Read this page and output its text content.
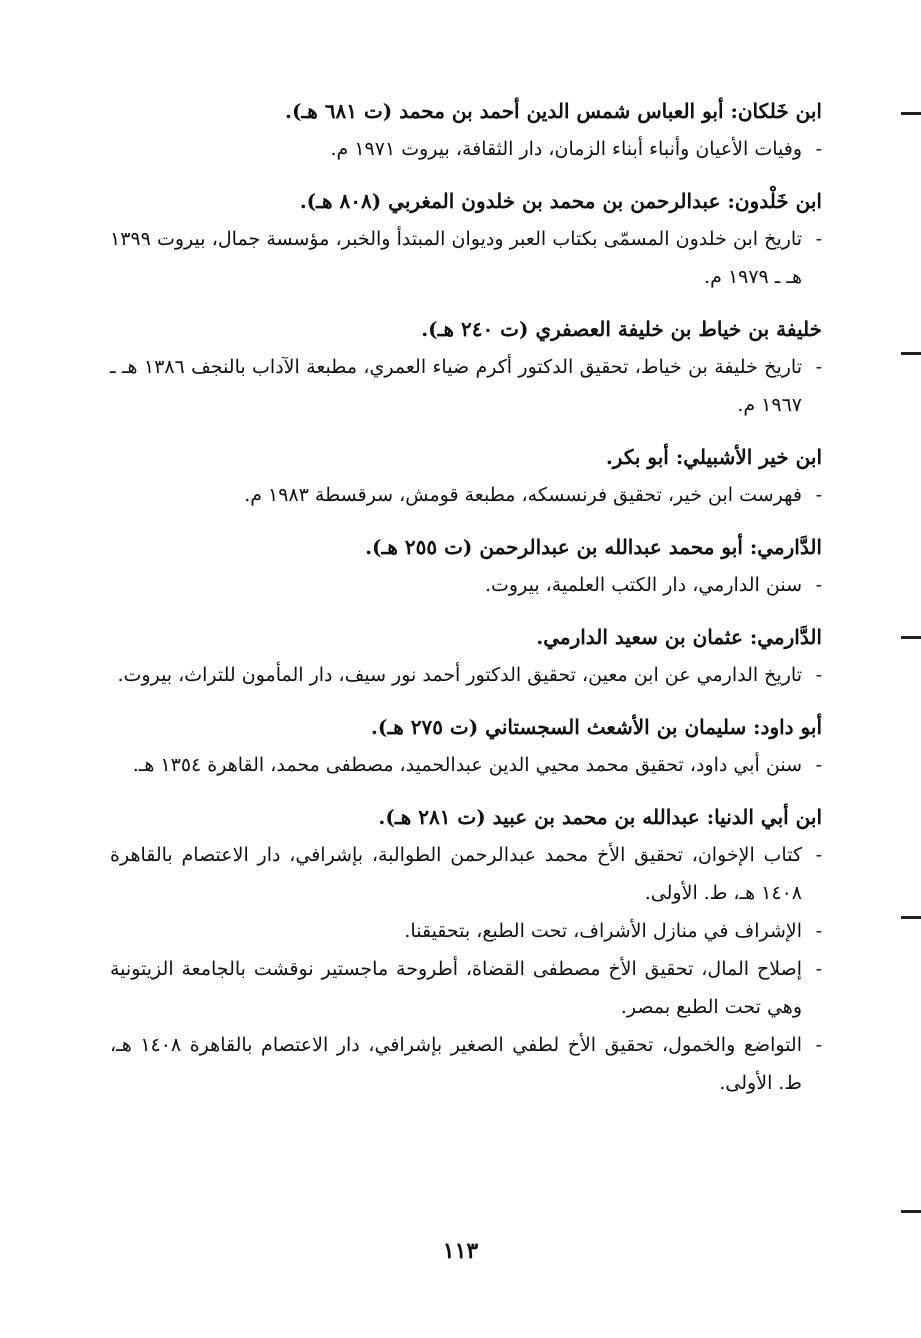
ابن خَلكان: أبو العباس شمس الدين أحمد بن محمد (ت ٦٨١ هـ).
-
وفيات الأعيان وأنباء أبناء الزمان، دار الثقافة، بيروت ١٩٧١ م.
ابن خَلْدون: عبدالرحمن بن محمد بن خلدون المغربي (٨٠٨ هـ).
-
تاريخ ابن خلدون المسمّى بكتاب العبر وديوان المبتدأ والخبر، مؤسسة جمال، بيروت ١٣٩٩ هـ ـ ١٩٧٩ م.
خليفة بن خياط بن خليفة العصفري (ت ٢٤٠ هـ).
-
تاريخ خليفة بن خياط، تحقيق الدكتور أكرم ضياء العمري، مطبعة الآداب بالنجف ١٣٨٦ هـ ـ ١٩٦٧ م.
ابن خير الأشبيلي: أبو بكر.
-
فهرست ابن خير، تحقيق فرنسسكه، مطبعة قومش، سرقسطة ١٩٨٣ م.
الدَّارمي: أبو محمد عبدالله بن عبدالرحمن (ت ٢٥٥ هـ).
-
سنن الدارمي، دار الكتب العلمية، بيروت.
الدَّارمي: عثمان بن سعيد الدارمي.
-
تاريخ الدارمي عن ابن معين، تحقيق الدكتور أحمد نور سيف، دار المأمون للتراث، بيروت.
أبو داود: سليمان بن الأشعث السجستاني (ت ٢٧٥ هـ).
-
سنن أبي داود، تحقيق محمد محيي الدين عبدالحميد، مصطفى محمد، القاهرة ١٣٥٤ هـ.
ابن أبي الدنيا: عبدالله بن محمد بن عبيد (ت ٢٨١ هـ).
-
كتاب الإخوان، تحقيق الأخ محمد عبدالرحمن الطوالبة، بإشرافي، دار الاعتصام بالقاهرة ١٤٠٨ هـ، ط. الأولى.
-
الإشراف في منازل الأشراف، تحت الطبع، بتحقيقنا.
-
إصلاح المال، تحقيق الأخ مصطفى القضاة، أطروحة ماجستير نوقشت بالجامعة الزيتونية وهي تحت الطبع بمصر.
-
التواضع والخمول، تحقيق الأخ لطفي الصغير بإشرافي، دار الاعتصام بالقاهرة ١٤٠٨ هـ، ط. الأولى.
١١٣
